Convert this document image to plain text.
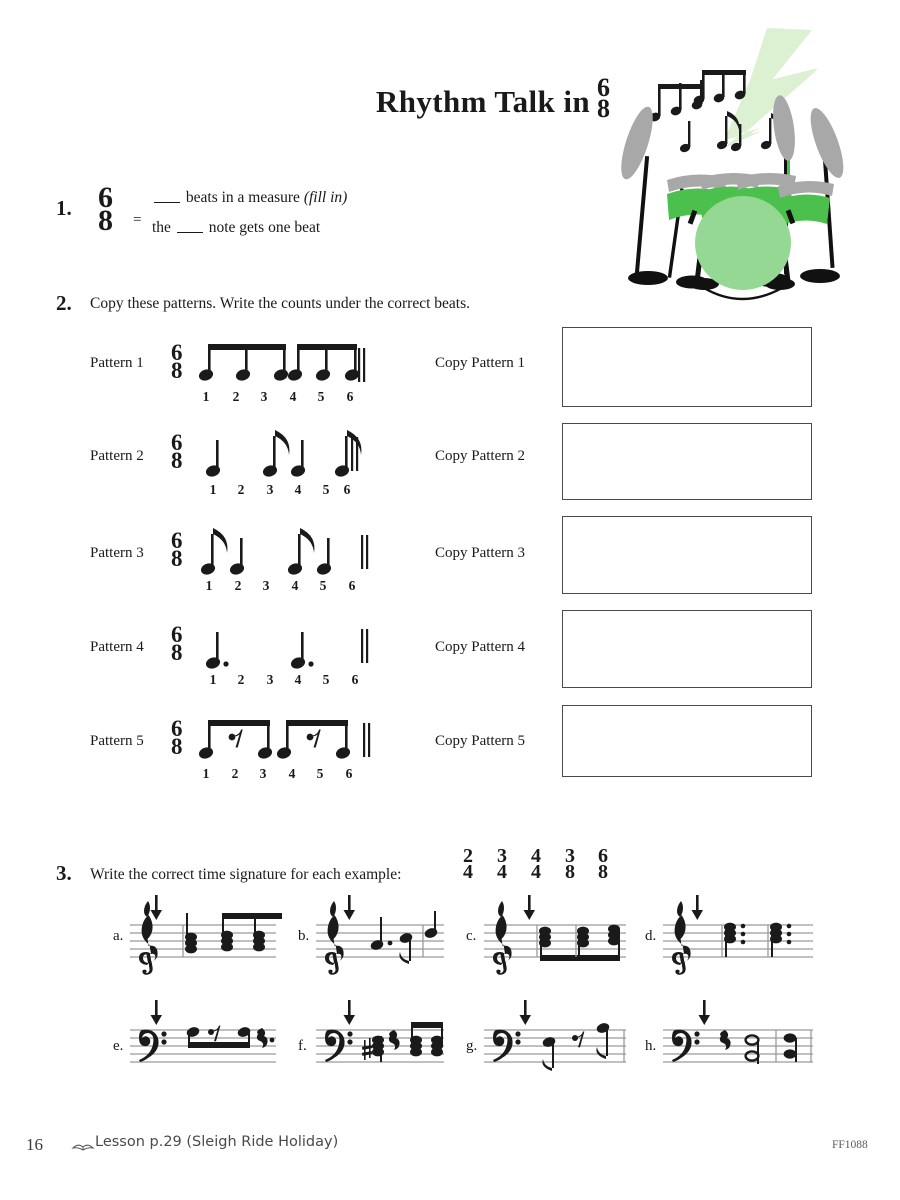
Rhythm Talk in 6
8
1. 6
8 =
beats in a measure (fill in)
the note gets one beat
2. Copy these patterns. Write the counts under the correct beats.
Pattern 1 6
8
1	2	3	4	5	6
Copy Pattern 1
Pattern 2
6
8
1	2	3	4	5	6
Copy Pattern 2
Pattern 3 6
8
1	2	3	4	5	6
Copy Pattern 3
Pattern 4 6
8
1	2	3	4	5	6
Copy Pattern 4
Pattern 5 6
8
1	2	3	4	5	6
Copy Pattern 5
3. Write the correct time signature for each example:
2
4
3
4
4
4
3
8
6
8
a.	b.	c.	d.
e.	f.	g.	h.
16	Lesson p.29 (Sleigh Ride Holiday)	FF1088
